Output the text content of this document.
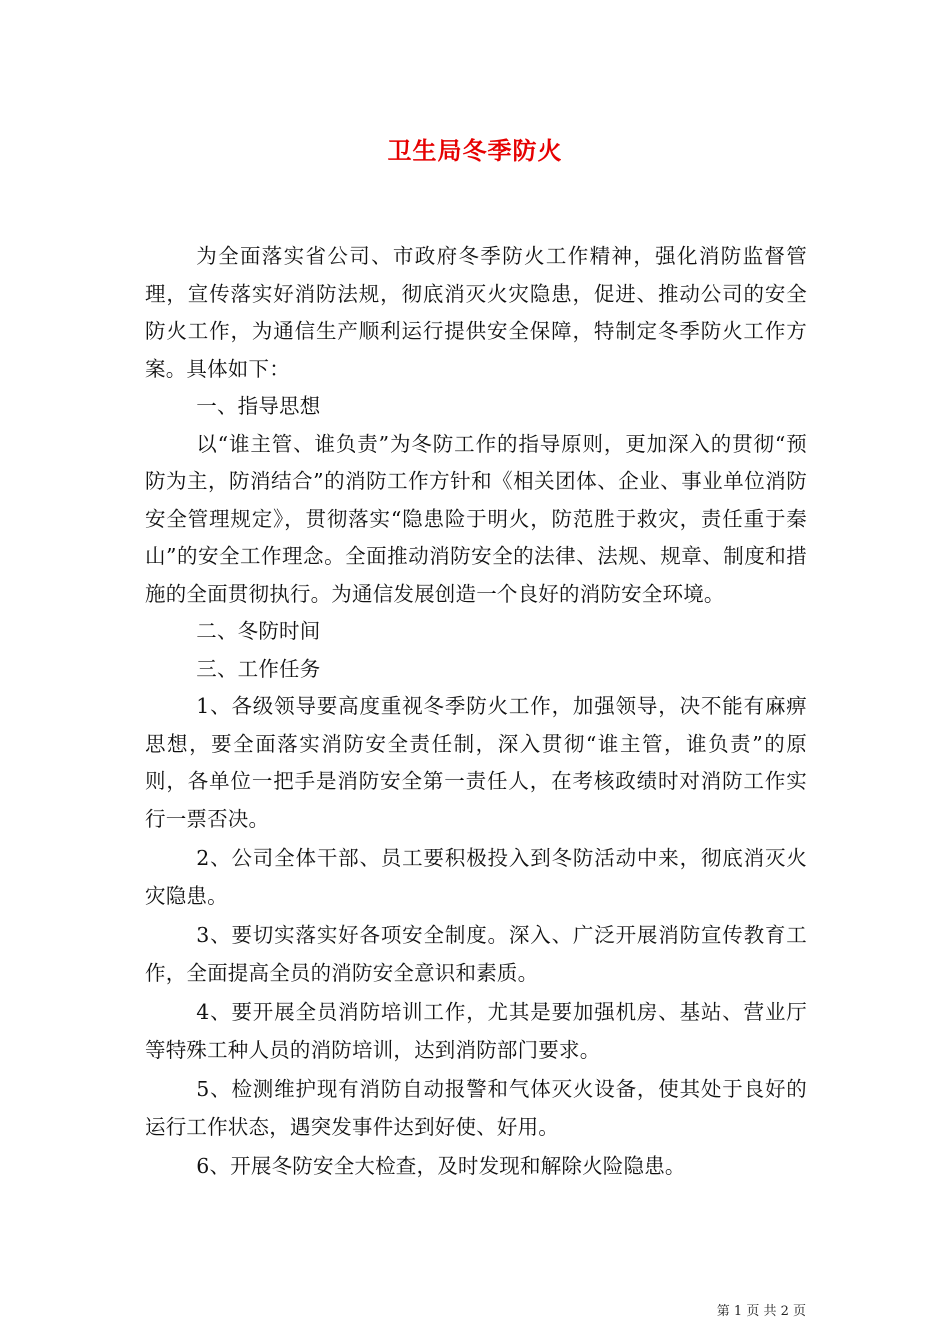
卫生局冬季防火

为全面落实省公司、市政府冬季防火工作精神，强化消防监督管理，宣传落实好消防法规，彻底消灭火灾隐患，促进、推动公司的安全防火工作，为通信生产顺利运行提供安全保障，特制定冬季防火工作方案。具体如下：

一、指导思想

以“谁主管、谁负责”为冬防工作的指导原则，更加深入的贯彻“预防为主，防消结合”的消防工作方针和《相关团体、企业、事业单位消防安全管理规定》，贯彻落实“隐患险于明火，防范胜于救灾，责任重于秦山”的安全工作理念。全面推动消防安全的法律、法规、规章、制度和措施的全面贯彻执行。为通信发展创造一个良好的消防安全环境。

二、冬防时间

三、工作任务

1、各级领导要高度重视冬季防火工作，加强领导，决不能有麻痹思想，要全面落实消防安全责任制，深入贯彻“谁主管，谁负责”的原则，各单位一把手是消防安全第一责任人，在考核政绩时对消防工作实行一票否决。

2、公司全体干部、员工要积极投入到冬防活动中来，彻底消灭火灾隐患。

3、要切实落实好各项安全制度。深入、广泛开展消防宣传教育工作，全面提高全员的消防安全意识和素质。

4、要开展全员消防培训工作，尤其是要加强机房、基站、营业厅等特殊工种人员的消防培训，达到消防部门要求。

5、检测维护现有消防自动报警和气体灭火设备，使其处于良好的运行工作状态，遇突发事件达到好使、好用。

6、开展冬防安全大检查，及时发现和解除火险隐患。

第 1 页 共 2 页
